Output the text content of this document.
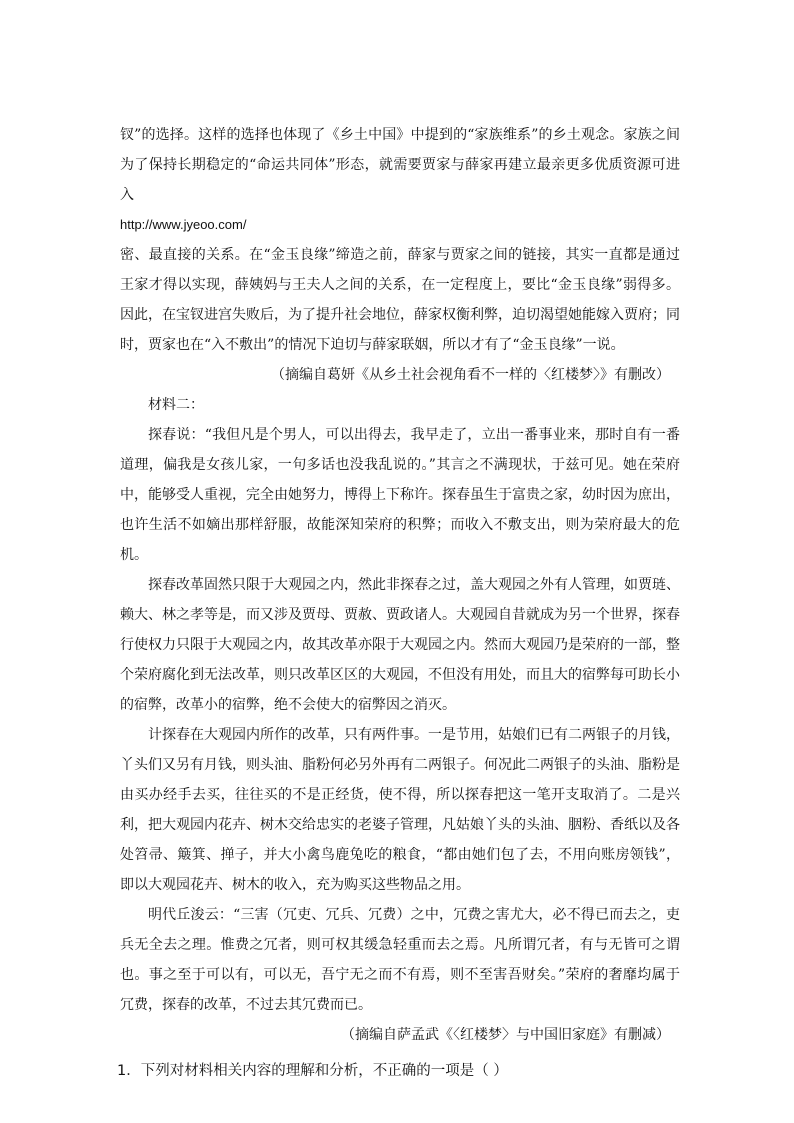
钗”的选择。这样的选择也体现了《乡土中国》中提到的“家族维系”的乡土观念。家族之间为了保持长期稳定的“命运共同体”形态，就需要贾家与薛家再建立最亲更多优质资源可进入

http://www.jyeoo.com/

密、最直接的关系。在“金玉良缘”缔造之前，薛家与贾家之间的链接，其实一直都是通过王家才得以实现，薛姨妈与王夫人之间的关系，在一定程度上，要比“金玉良缘”弱得多。因此，在宝钗进宫失败后，为了提升社会地位，薛家权衡利弊，迫切渴望她能嫁入贾府；同时，贾家也在“入不敷出”的情况下迫切与薛家联姻，所以才有了“金玉良缘”一说。

（摘编自葛妍《从乡土社会视角看不一样的〈红楼梦〉》有删改）

材料二：

探春说：“我但凡是个男人，可以出得去，我早走了，立出一番事业来，那时自有一番道理，偏我是女孩儿家，一句多话也没我乱说的。”其言之不满现状，于兹可见。她在荣府中，能够受人重视，完全由她努力，博得上下称许。探春虽生于富贵之家，幼时因为庶出，也许生活不如嫡出那样舒服，故能深知荣府的积弊；而收入不敷支出，则为荣府最大的危机。

探春改革固然只限于大观园之内，然此非探春之过，盖大观园之外有人管理，如贾琏、赖大、林之孝等是，而又涉及贾母、贾赦、贾政诸人。大观园自昔就成为另一个世界，探春行使权力只限于大观园之内，故其改革亦限于大观园之内。然而大观园乃是荣府的一部，整个荣府腐化到无法改革，则只改革区区的大观园，不但没有用处，而且大的宿弊每可助长小的宿弊，改革小的宿弊，绝不会使大的宿弊因之消灭。

计探春在大观园内所作的改革，只有两件事。一是节用，姑娘们已有二两银子的月钱，丫头们又另有月钱，则头油、脂粉何必另外再有二两银子。何况此二两银子的头油、脂粉是由买办经手去买，往往买的不是正经货，使不得，所以探春把这一笔开支取消了。二是兴利，把大观园内花卉、树木交给忠实的老婆子管理，凡姑娘丫头的头油、胭粉、香纸以及各处笤帚、簸箕、掸子，并大小禽鸟鹿兔吃的粮食，“都由她们包了去，不用向账房领钱”，即以大观园花卉、树木的收入，充为购买这些物品之用。

明代丘浚云：“三害（冗吏、冗兵、冗费）之中，冗费之害尤大，必不得已而去之，吏兵无全去之理。惟费之冗者，则可权其缓急轻重而去之焉。凡所谓冗者，有与无皆可之谓也。事之至于可以有，可以无，吾宁无之而不有焉，则不至害吾财矣。”荣府的奢靡均属于冗费，探春的改革，不过去其冗费而已。

（摘编自萨孟武《〈红楼梦〉与中国旧家庭》有删减）

1．下列对材料相关内容的理解和分析，不正确的一项是（ ）
